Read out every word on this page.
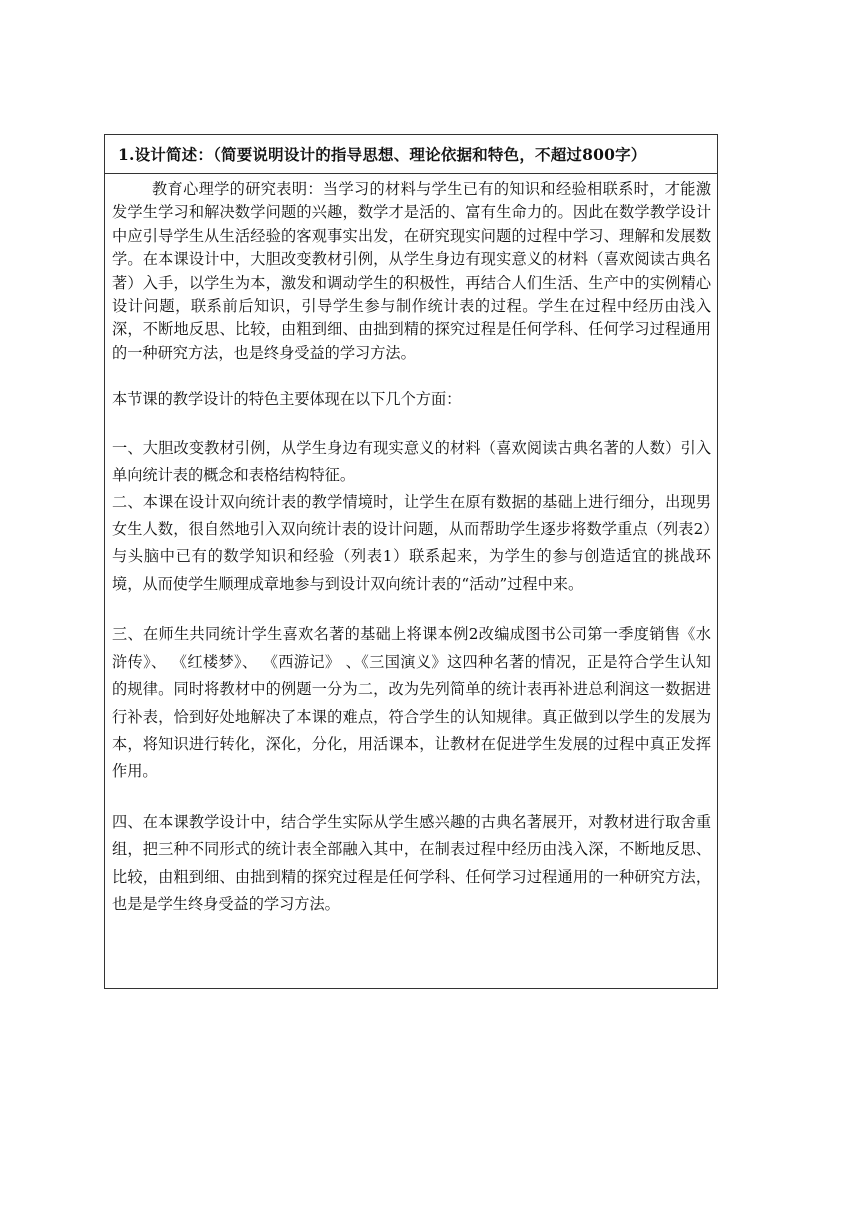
1.设计简述：（简要说明设计的指导思想、理论依据和特色，不超过800字）

教育心理学的研究表明：当学习的材料与学生已有的知识和经验相联系时，才能激发学生学习和解决数学问题的兴趣，数学才是活的、富有生命力的。因此在数学教学设计中应引导学生从生活经验的客观事实出发，在研究现实问题的过程中学习、理解和发展数学。在本课设计中，大胆改变教材引例，从学生身边有现实意义的材料（喜欢阅读古典名著）入手，以学生为本，激发和调动学生的积极性，再结合人们生活、生产中的实例精心设计问题，联系前后知识，引导学生参与制作统计表的过程。学生在过程中经历由浅入深，不断地反思、比较，由粗到细、由拙到精的探究过程是任何学科、任何学习过程通用的一种研究方法，也是终身受益的学习方法。

本节课的教学设计的特色主要体现在以下几个方面：

一、大胆改变教材引例，从学生身边有现实意义的材料（喜欢阅读古典名著的人数）引入 单向统计表的概念和表格结构特征。

二、本课在设计双向统计表的教学情境时，让学生在原有数据的基础上进行细分，出现男女生人数，很自然地引入双向统计表的设计问题，从而帮助学生逐步将数学重点（列表2）与头脑中已有的数学知识和经验（列表1）联系起来，为学生的参与创造适宜的挑战环境，从而使学生顺理成章地参与到设计双向统计表的“活动”过程中来。

三、在师生共同统计学生喜欢名著的基础上将课本例2改编成图书公司第一季度销售《水浒传》、 《红楼梦》、 《西游记》 、《三国演义》这四种名著的情况，正是符合学生认知的规律。同时将教材中的例题一分为二，改为先列简单的统计表再补进总利润这一数据进行补表，恰到好处地解决了本课的难点，符合学生的认知规律。真正做到以学生的发展为本，将知识进行转化，深化，分化，用活课本，让教材在促进学生发展的过程中真正发挥作用。

四、在本课教学设计中，结合学生实际从学生感兴趣的古典名著展开，对教材进行取舍重组，把三种不同形式的统计表全部融入其中，在制表过程中经历由浅入深，不断地反思、比较，由粗到细、由拙到精的探究过程是任何学科、任何学习过程通用的一种研究方法，也是是学生终身受益的学习方法。
